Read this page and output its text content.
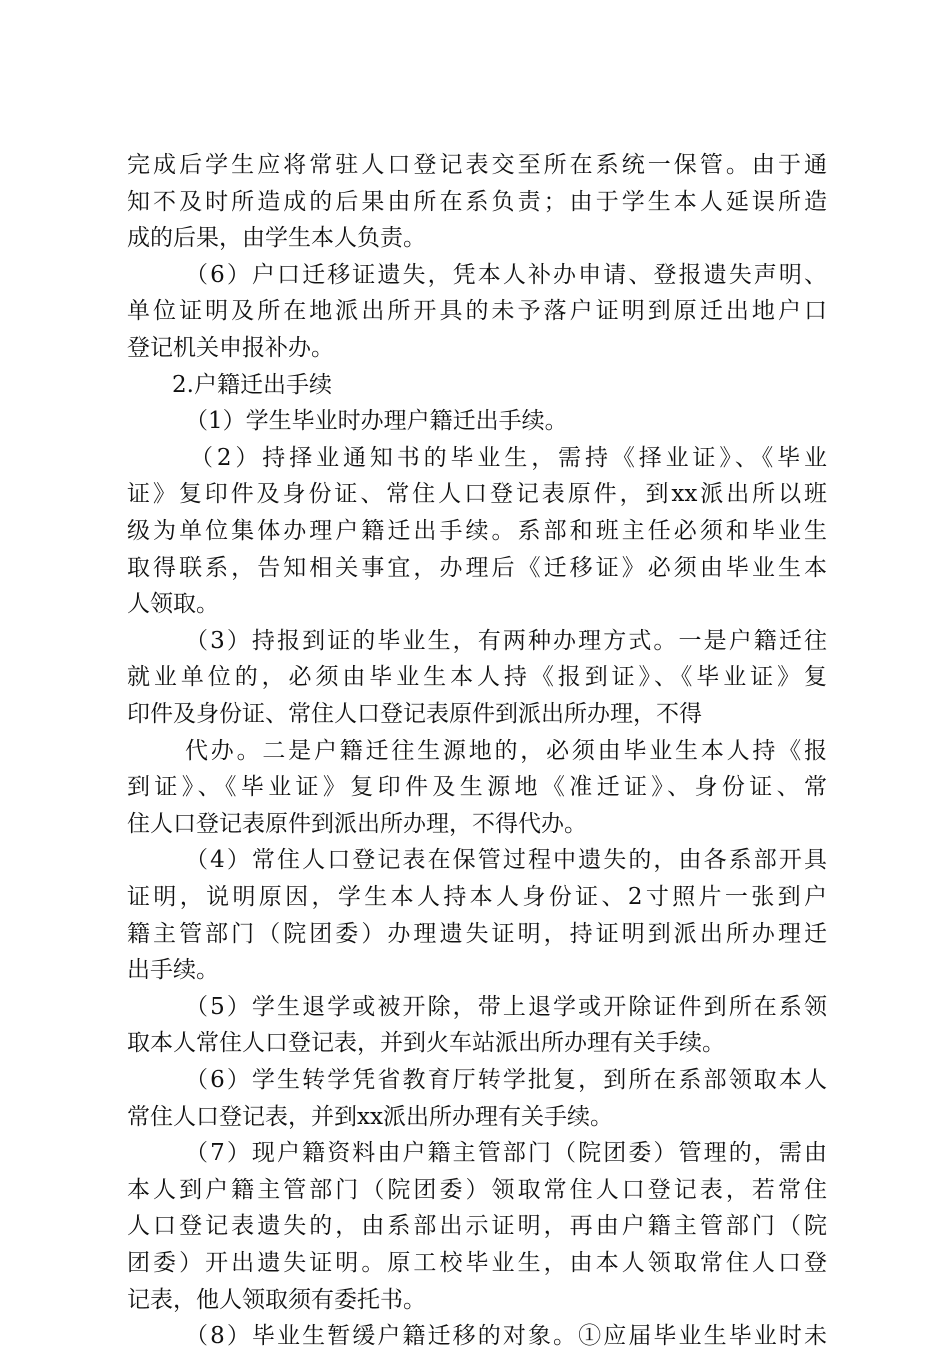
完成后学生应将常驻人口登记表交至所在系统一保管。由于通
知不及时所造成的后果由所在系负责；由于学生本人延误所造
成的后果，由学生本人负责。
（6）户口迁移证遗失，凭本人补办申请、登报遗失声明、
单位证明及所在地派出所开具的未予落户证明到原迁出地户口
登记机关申报补办。
2.户籍迁出手续
（1）学生毕业时办理户籍迁出手续。
（2）持择业通知书的毕业生，需持《择业证》、《毕业
证》复印件及身份证、常住人口登记表原件，到xx派出所以班
级为单位集体办理户籍迁出手续。系部和班主任必须和毕业生
取得联系，告知相关事宜，办理后《迁移证》必须由毕业生本
人领取。
（3）持报到证的毕业生，有两种办理方式。一是户籍迁往
就业单位的，必须由毕业生本人持《报到证》、《毕业证》复
印件及身份证、常住人口登记表原件到派出所办理，不得
代办。二是户籍迁往生源地的，必须由毕业生本人持《报
到证》、《毕业证》复印件及生源地《准迁证》、身份证、常
住人口登记表原件到派出所办理，不得代办。
（4）常住人口登记表在保管过程中遗失的，由各系部开具
证明，说明原因，学生本人持本人身份证、2寸照片一张到户
籍主管部门（院团委）办理遗失证明，持证明到派出所办理迁
出手续。
（5）学生退学或被开除，带上退学或开除证件到所在系领
取本人常住人口登记表，并到火车站派出所办理有关手续。
（6）学生转学凭省教育厅转学批复，到所在系部领取本人
常住人口登记表，并到xx派出所办理有关手续。
（7）现户籍资料由户籍主管部门（院团委）管理的，需由
本人到户籍主管部门（院团委）领取常住人口登记表，若常住
人口登记表遗失的，由系部出示证明，再由户籍主管部门（院
团委）开出遗失证明。原工校毕业生，由本人领取常住人口登
记表，他人领取须有委托书。
（8）毕业生暂缓户籍迁移的对象。①应届毕业生毕业时未
